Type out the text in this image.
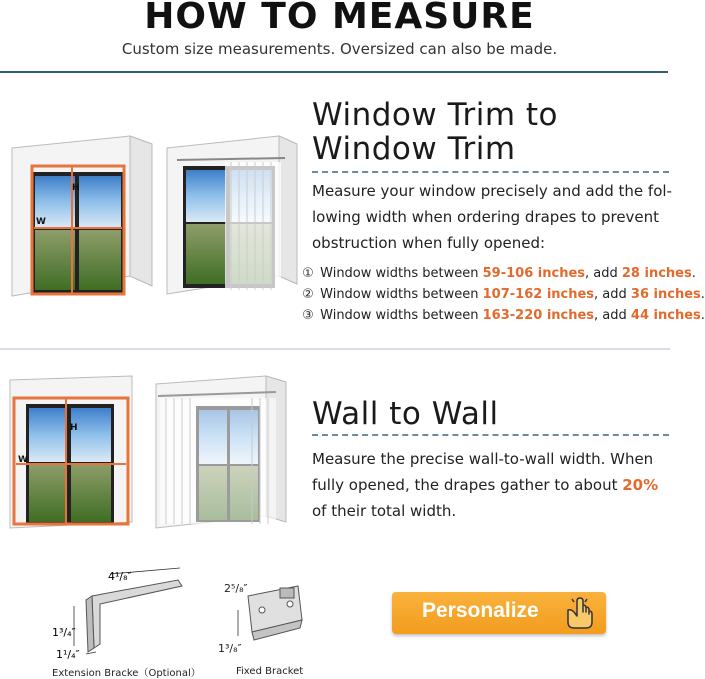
HOW TO MEASURE
Custom size measurements. Oversized can also be made.
H
W
Window Trim to
Window Trim
Measure your window precisely and add the fol-
lowing width when ordering drapes to prevent
obstruction when fully opened:
① Window widths between 59-106 inches, add 28 inches.
② Window widths between 107-162 inches, add 36 inches.
③ Window widths between 163-220 inches, add 44 inches.
H
W
Wall to Wall
Measure the precise wall-to-wall width. When
fully opened, the drapes gather to about 20%
of their total width.
4¹/₈″
1³/₄″
1¹/₄″
Extension Bracke（Optional）
2⁵/₈″
1³/₈″
Fixed Bracket
Personalize
